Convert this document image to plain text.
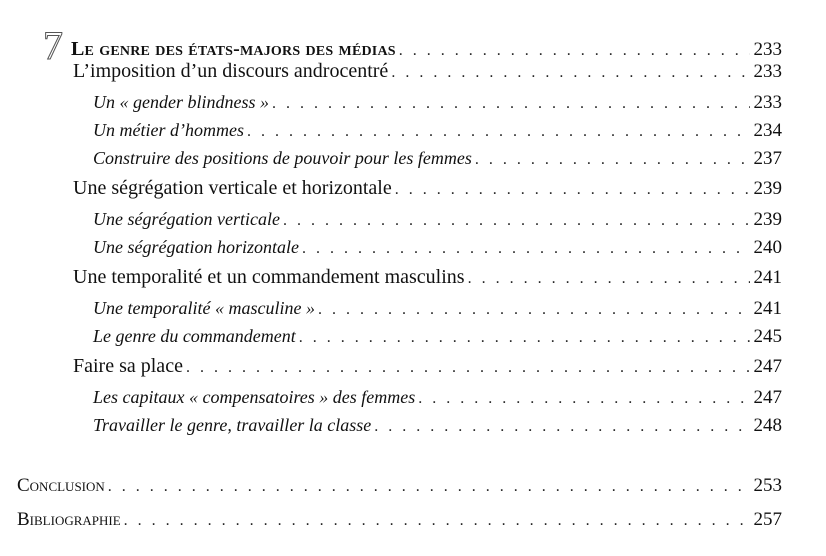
7 Le genre des états-majors des médias . . .	233
L’imposition d’un discours androcentré . . .	233
Un « gender blindness » . . .	233
Un métier d’hommes . . .	234
Construire des positions de pouvoir pour les femmes . . .	237
Une ségrégation verticale et horizontale . . .	239
Une ségrégation verticale . . .	239
Une ségrégation horizontale . . .	240
Une temporalité et un commandement masculins . . .	241
Une temporalité « masculine » . . .	241
Le genre du commandement . . .	245
Faire sa place . . .	247
Les capitaux « compensatoires » des femmes . . .	247
Travailler le genre, travailler la classe . . .	248
Conclusion . . .	253
Bibliographie . . .	257
